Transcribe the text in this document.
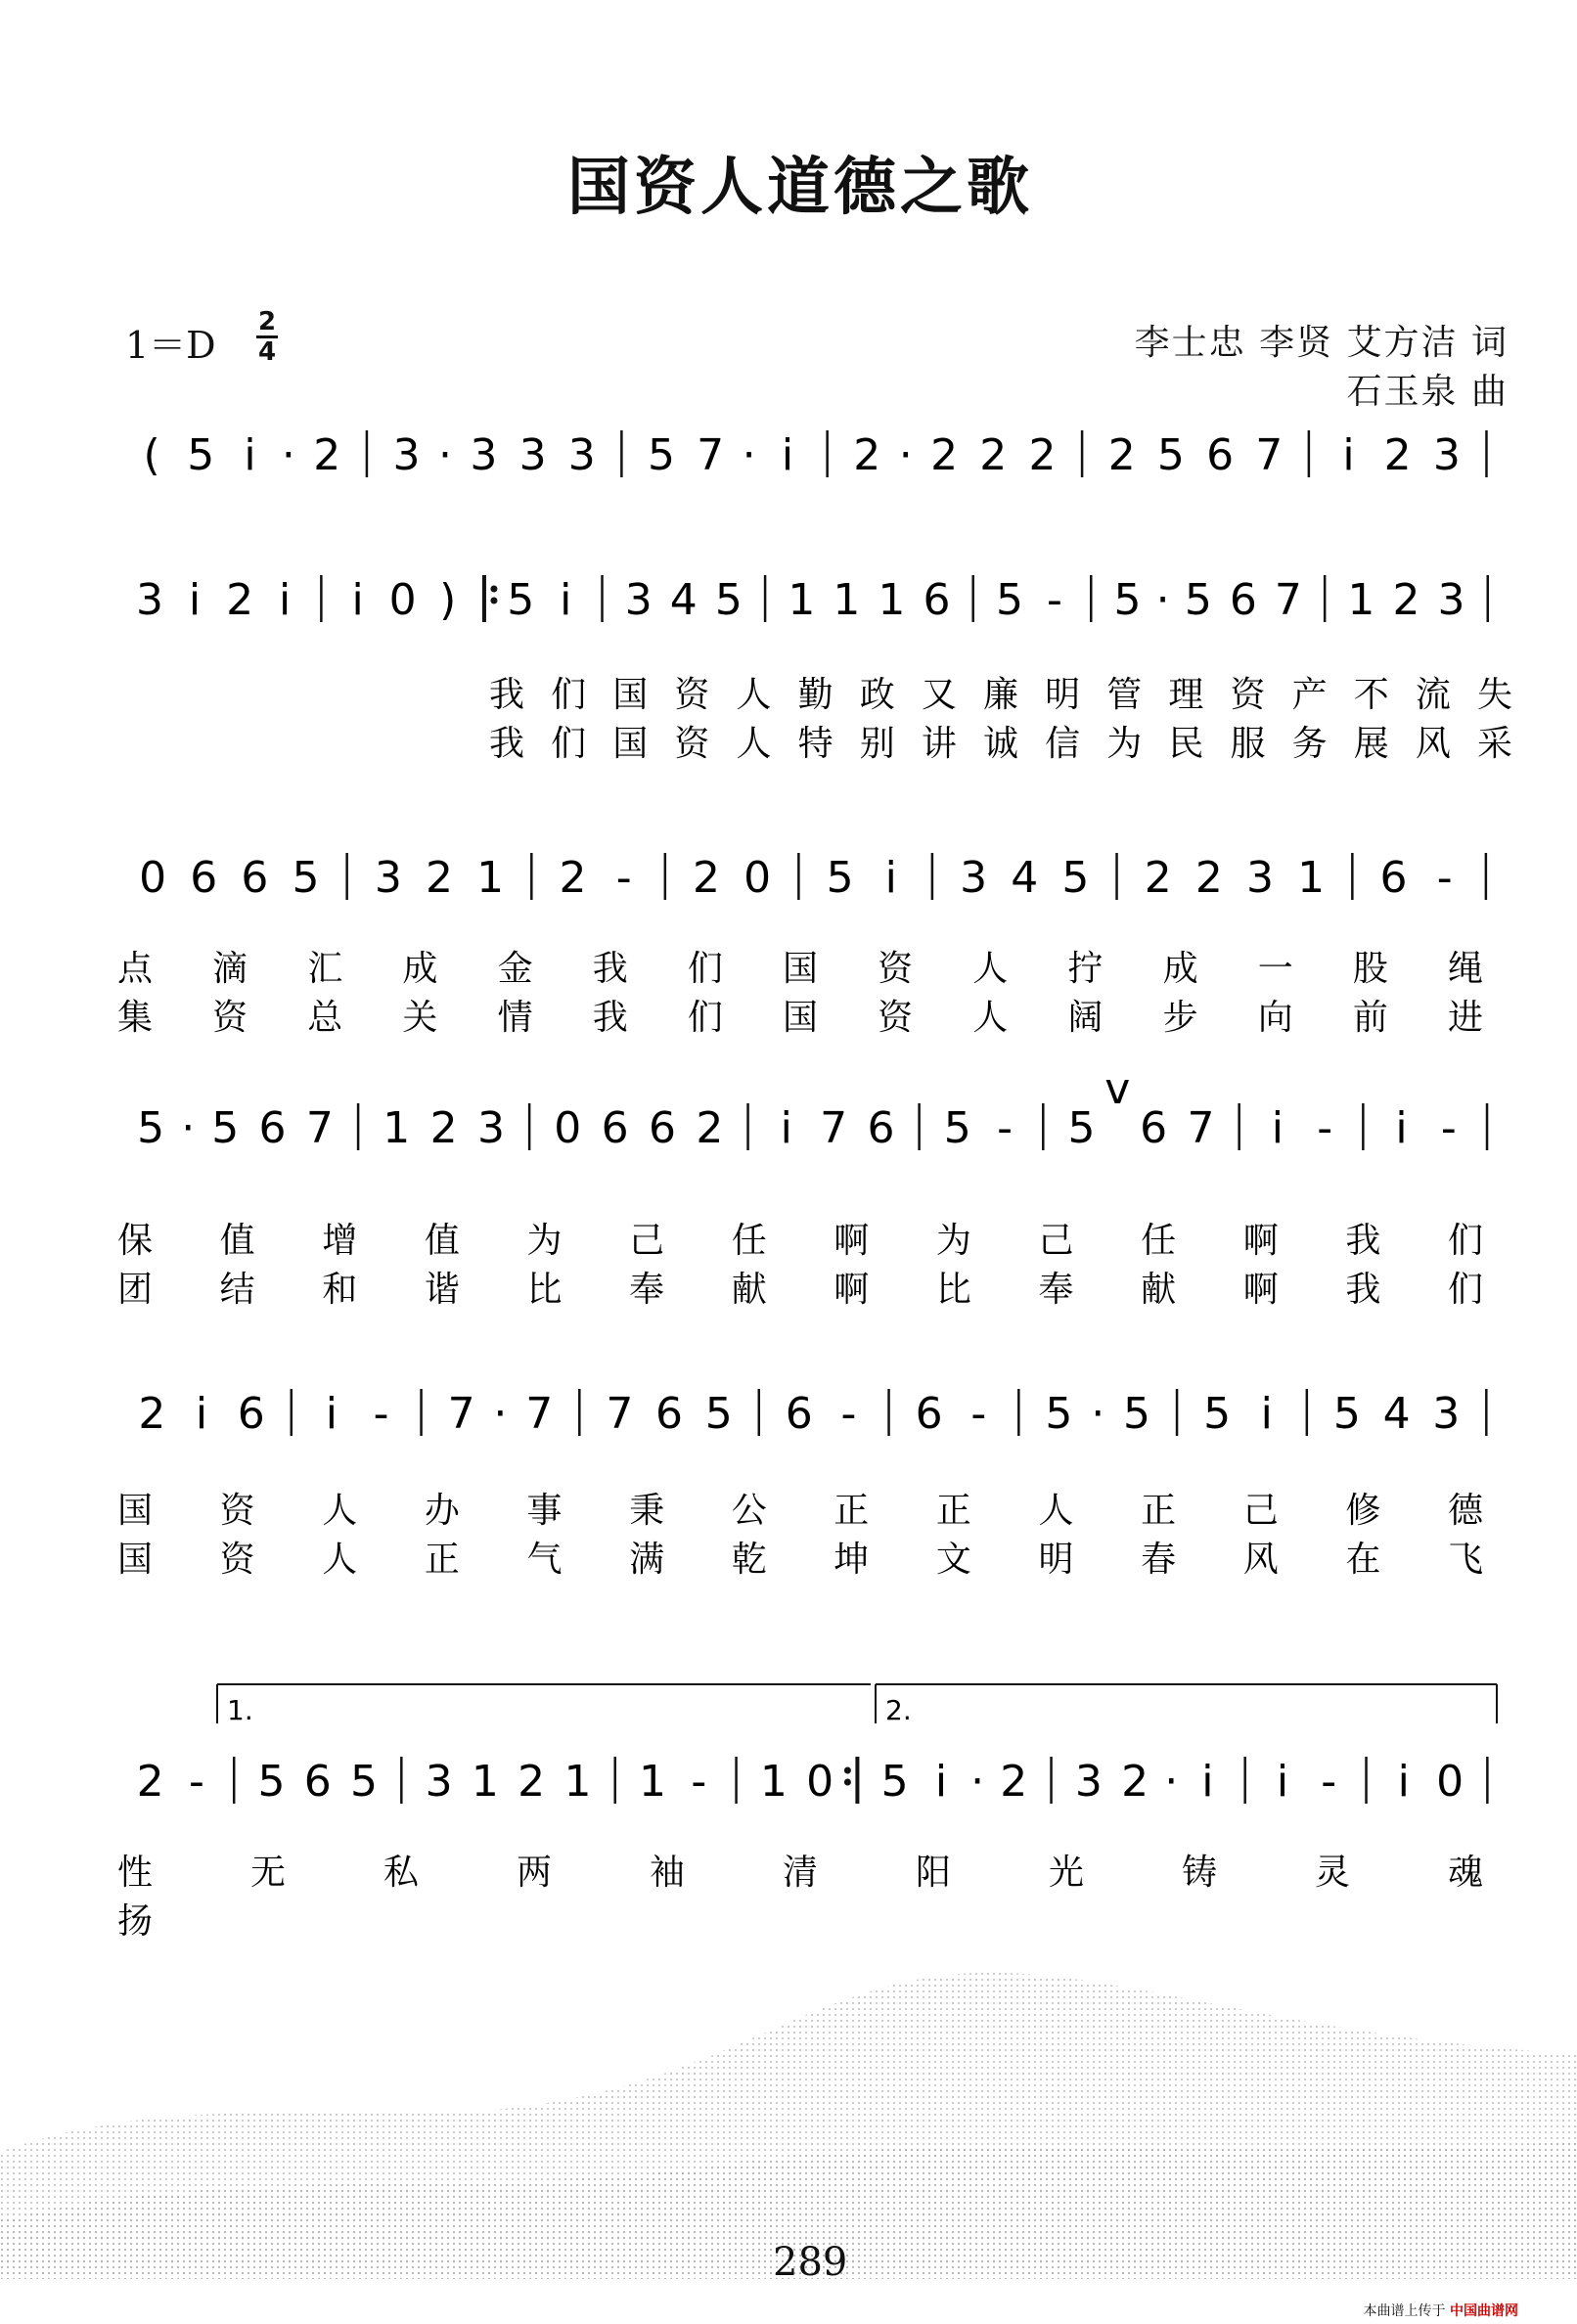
国资人道德之歌
1＝D
2
4	李士忠 李贤 艾方洁 词
石玉泉 曲
( 5 i · 2 3 · 3 3 3 5 7 · i 2 · 2 2 2 2 5 6 7 i 2 3
3 i 2 i i 0 ) 5 i 3 4 5 1 1 1 6 5 - 5 · 5 6 7 1 2 3
我 们 国 资 人 勤 政 又 廉 明 管 理 资 产 不 流 失
我 们 国 资 人 特 别 讲 诚 信 为 民 服 务 展 风 采
0 6 6 5 3 2 1 2 - 2 0 5 i 3 4 5 2 2 3 1 6 -
点 滴 汇 成 金 我 们 国 资 人 拧 成 一 股 绳
集 资 总 关 情 我 们 国 资 人 阔 步 向 前 进
5 · 5 6 7 1 2 3 0 6 6 2 i 7 6 5 - 5
v
6 7 i - i -
保 值 增 值 为 己 任 啊 为 己 任 啊 我 们
团 结 和 谐 比 奉 献 啊 比 奉 献 啊 我 们
2 i 6 i - 7 · 7 7 6 5 6 - 6 - 5 · 5 5 i 5 4 3
国 资 人 办 事 秉 公 正 正 人 正 己 修 德
国 资 人 正 气 满 乾 坤 文 明 春 风 在 飞
2 - 5 6 5 3 1 2 1 1 - 1 0 5 i · 2 3 2 · i i - i 0
性	无	私	两	袖	清	阳	光	铸	灵	魂
扬
1.	2.
289
本曲谱上传于 中国曲谱网
